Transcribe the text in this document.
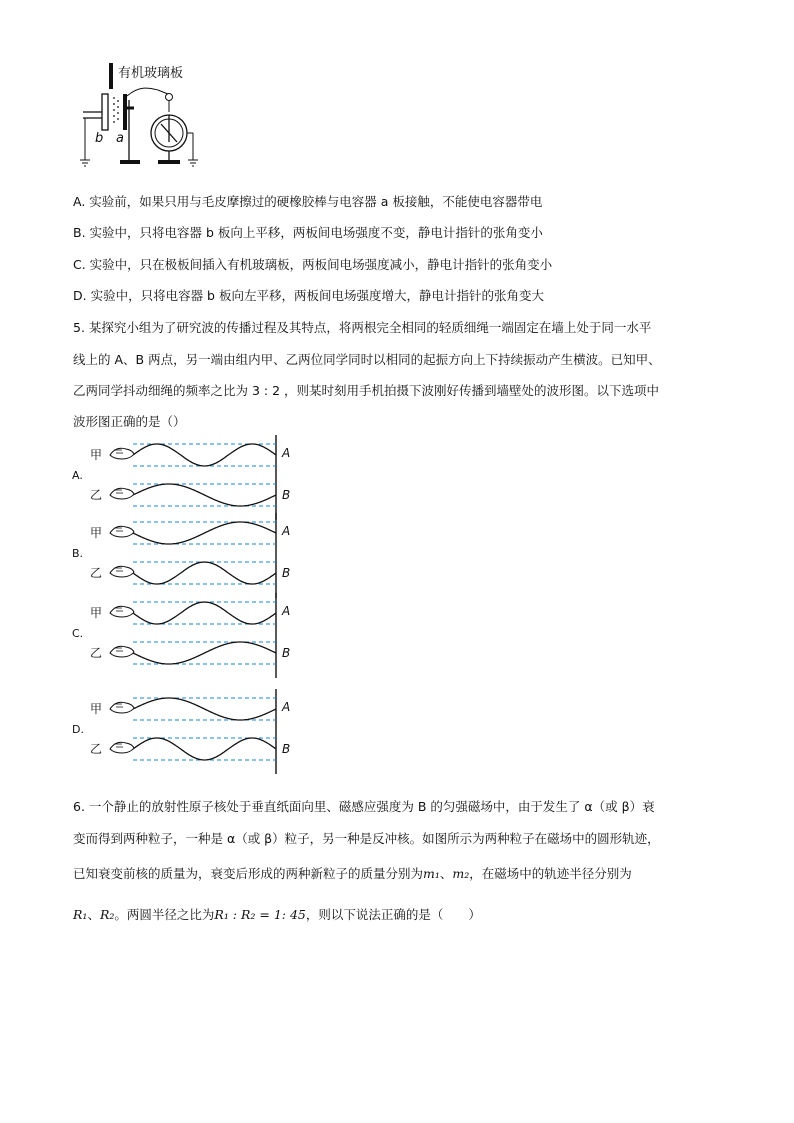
有机玻璃板
b a
A. 实验前，如果只用与毛皮摩擦过的硬橡胶棒与电容器 a 板接触，不能使电容器带电
B. 实验中，只将电容器 b 板向上平移，两板间电场强度不变，静电计指针的张角变小
C. 实验中，只在极板间插入有机玻璃板，两板间电场强度减小，静电计指针的张角变小
D. 实验中，只将电容器 b 板向左平移，两板间电场强度增大，静电计指针的张角变大
5. 某探究小组为了研究波的传播过程及其特点，将两根完全相同的轻质细绳一端固定在墙上处于同一水平
线上的 A、B 两点，另一端由组内甲、乙两位同学同时以相同的起振方向上下持续振动产生横波。已知甲、
乙两同学抖动细绳的频率之比为 3 : 2 ，则某时刻用手机拍摄下波刚好传播到墙壁处的波形图。以下选项中
波形图正确的是（）
甲
乙
A
B
A.
甲
乙
A
B
B.
甲
乙
A
B
C.
甲
乙
A
B
D.
6. 一个静止的放射性原子核处于垂直纸面向里、磁感应强度为 B 的匀强磁场中，由于发生了 α（或 β）衰
变而得到两种粒子，一种是 α（或 β）粒子，另一种是反冲核。如图所示为两种粒子在磁场中的圆形轨迹，
已知衰变前核的质量为，衰变后形成的两种新粒子的质量分别为m₁、m₂，在磁场中的轨迹半径分别为
R₁、R₂。两圆半径之比为R₁ : R₂ = 1: 45，则以下说法正确的是（　　）
